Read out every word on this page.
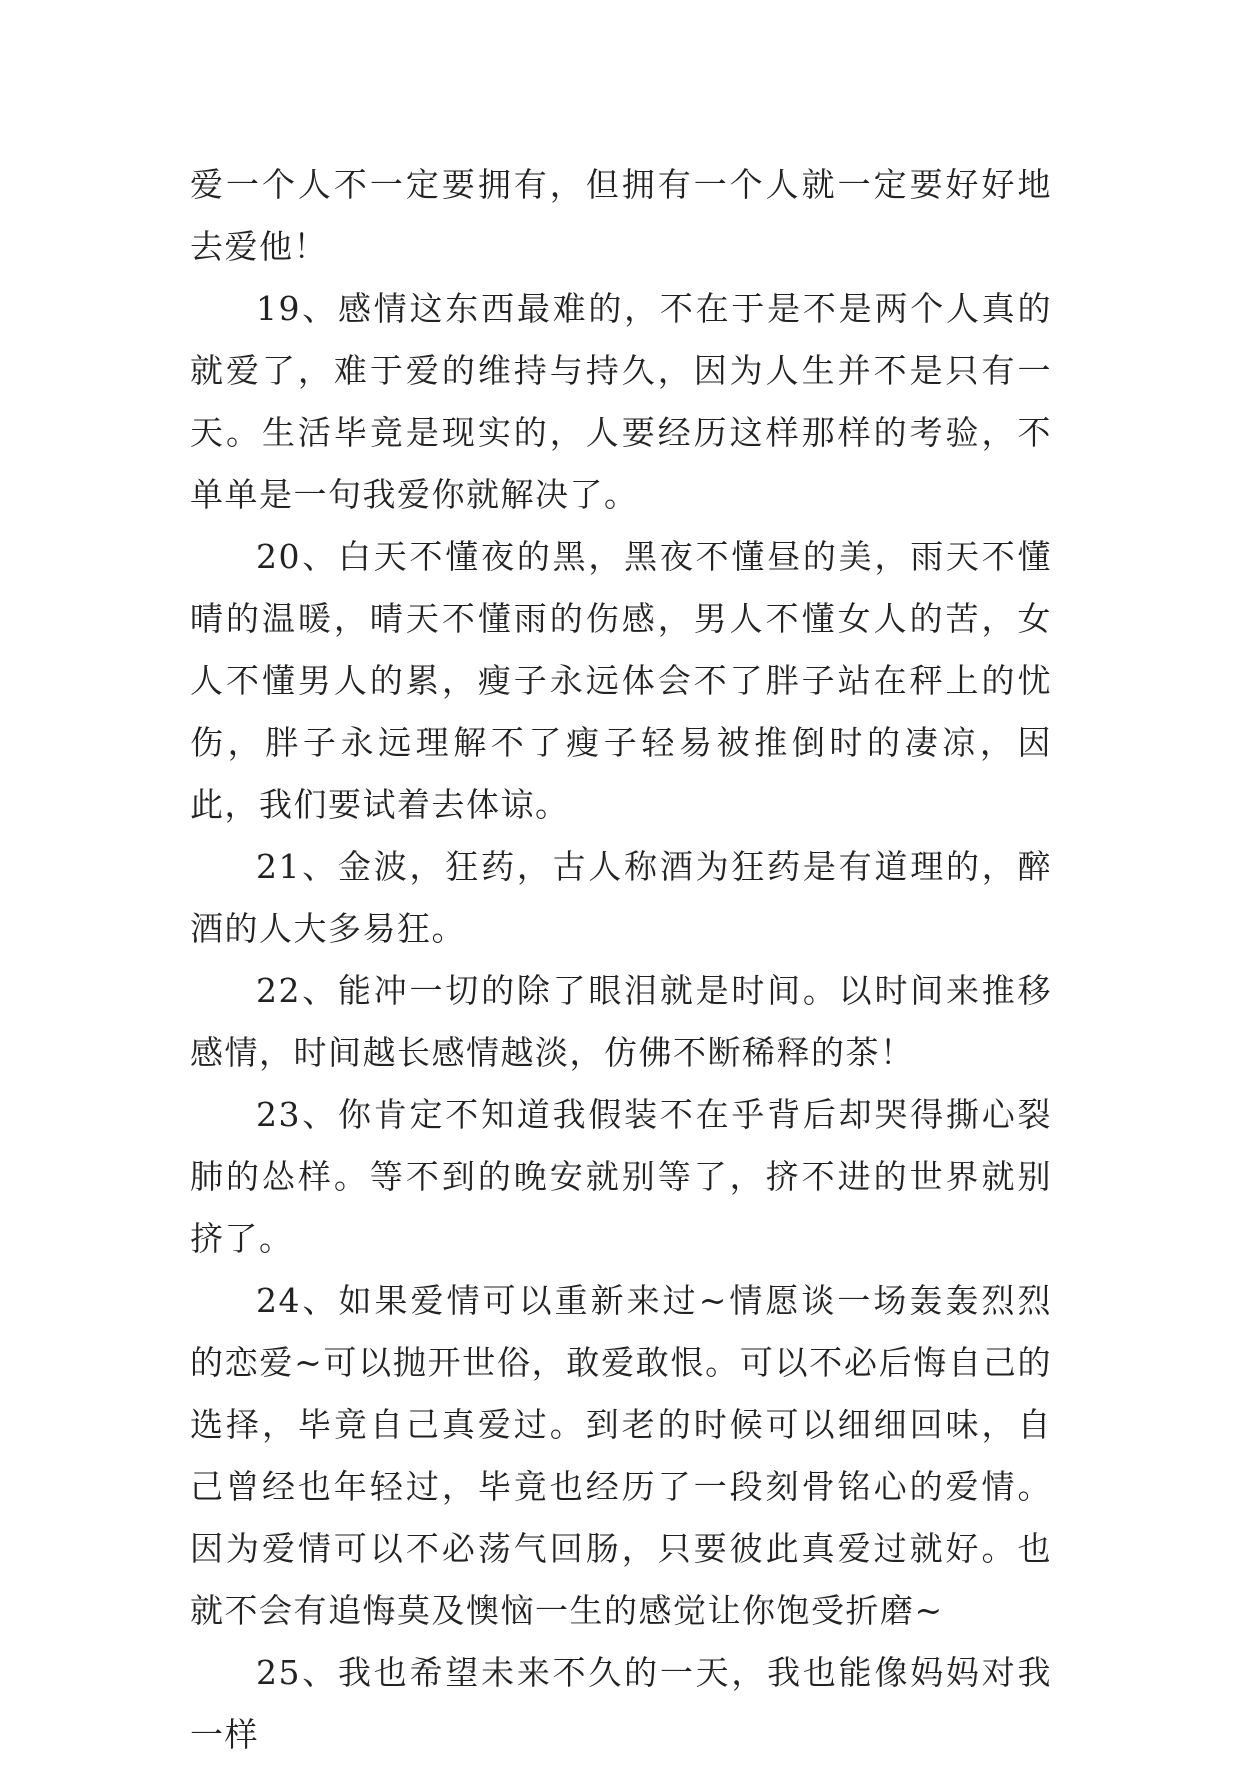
爱一个人不一定要拥有，但拥有一个人就一定要好好地去爱他！

19、感情这东西最难的，不在于是不是两个人真的就爱了，难于爱的维持与持久，因为人生并不是只有一天。生活毕竟是现实的，人要经历这样那样的考验，不单单是一句我爱你就解决了。

20、白天不懂夜的黑，黑夜不懂昼的美，雨天不懂晴的温暖，晴天不懂雨的伤感，男人不懂女人的苦，女人不懂男人的累，瘦子永远体会不了胖子站在秤上的忧伤，胖子永远理解不了瘦子轻易被推倒时的凄凉，因此，我们要试着去体谅。

21、金波，狂药，古人称酒为狂药是有道理的，醉酒的人大多易狂。

22、能冲一切的除了眼泪就是时间。以时间来推移感情，时间越长感情越淡，仿佛不断稀释的茶！

23、你肯定不知道我假装不在乎背后却哭得撕心裂肺的怂样。等不到的晚安就别等了，挤不进的世界就别挤了。

24、如果爱情可以重新来过~情愿谈一场轰轰烈烈的恋爱~可以抛开世俗，敢爱敢恨。可以不必后悔自己的选择，毕竟自己真爱过。到老的时候可以细细回味，自己曾经也年轻过，毕竟也经历了一段刻骨铭心的爱情。因为爱情可以不必荡气回肠，只要彼此真爱过就好。也就不会有追悔莫及懊恼一生的感觉让你饱受折磨~

25、我也希望未来不久的一天，我也能像妈妈对我一样
